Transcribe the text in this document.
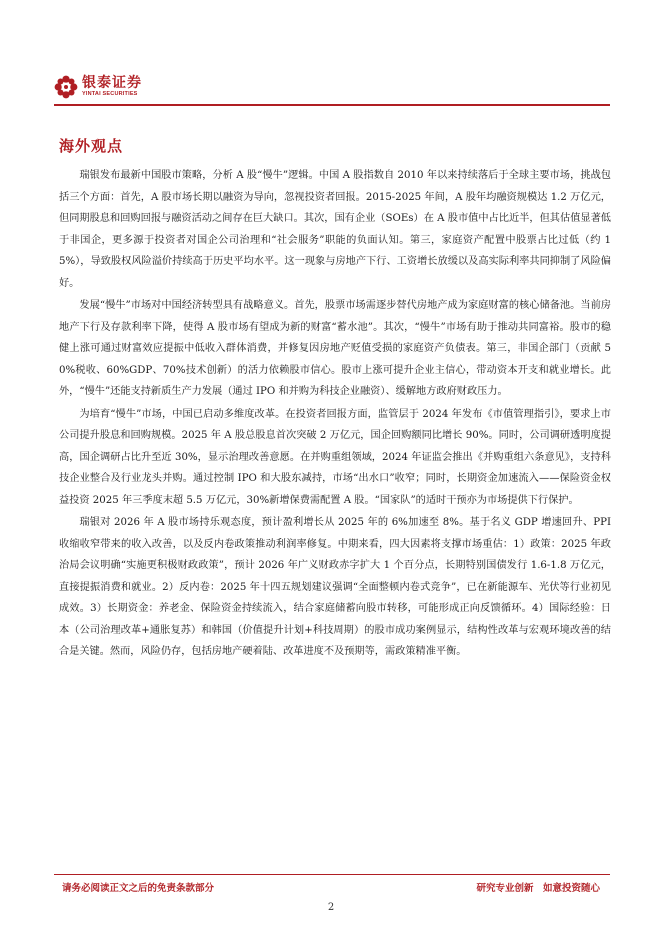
银泰证券
YINTAI SECURITIES
海外观点

瑞银发布最新中国股市策略，分析 A 股“慢牛”逻辑。中国 A 股指数自 2010 年以来持续落后于全球主要市场，挑战包括三个方面：首先，A 股市场长期以融资为导向，忽视投资者回报。2015-2025 年间，A 股年均融资规模达 1.2 万亿元，但同期股息和回购回报与融资活动之间存在巨大缺口。其次，国有企业（SOEs）在 A 股市值中占比近半，但其估值显著低于非国企，更多源于投资者对国企公司治理和“社会服务”职能的负面认知。第三，家庭资产配置中股票占比过低（约 15%），导致股权风险溢价持续高于历史平均水平。这一现象与房地产下行、工资增长放缓以及高实际利率共同抑制了风险偏好。

发展“慢牛”市场对中国经济转型具有战略意义。首先，股票市场需逐步替代房地产成为家庭财富的核心储备池。当前房地产下行及存款利率下降，使得 A 股市场有望成为新的财富“蓄水池”。其次，“慢牛”市场有助于推动共同富裕。股市的稳健上涨可通过财富效应提振中低收入群体消费，并修复因房地产贬值受损的家庭资产负债表。第三，非国企部门（贡献 50%税收、60%GDP、70%技术创新）的活力依赖股市信心。股市上涨可提升企业主信心，带动资本开支和就业增长。此外，“慢牛”还能支持新质生产力发展（通过 IPO 和并购为科技企业融资）、缓解地方政府财政压力。

为培育“慢牛”市场，中国已启动多维度改革。在投资者回报方面，监管层于 2024 年发布《市值管理指引》，要求上市公司提升股息和回购规模。2025 年 A 股总股息首次突破 2 万亿元，国企回购额同比增长 90%。同时，公司调研透明度提高，国企调研占比升至近 30%，显示治理改善意愿。在并购重组领域，2024 年证监会推出《并购重组六条意见》，支持科技企业整合及行业龙头并购。通过控制 IPO 和大股东减持，市场“出水口”收窄；同时，长期资金加速流入——保险资金权益投资 2025 年三季度末超 5.5 万亿元，30%新增保费需配置 A 股。“国家队”的适时干预亦为市场提供下行保护。

瑞银对 2026 年 A 股市场持乐观态度，预计盈利增长从 2025 年的 6%加速至 8%。基于名义 GDP 增速回升、PPI 收缩收窄带来的收入改善，以及反内卷政策推动利润率修复。中期来看，四大因素将支撑市场重估：1）政策：2025 年政治局会议明确“实施更积极财政政策”，预计 2026 年广义财政赤字扩大 1 个百分点，长期特别国债发行 1.6-1.8 万亿元，直接提振消费和就业。2）反内卷：2025 年十四五规划建议强调“全面整顿内卷式竞争”，已在新能源车、光伏等行业初见成效。3）长期资金：养老金、保险资金持续流入，结合家庭储蓄向股市转移，可能形成正向反馈循环。4）国际经验：日本（公司治理改革+通胀复苏）和韩国（价值提升计划+科技周期）的股市成功案例显示，结构性改革与宏观环境改善的结合是关键。然而，风险仍存，包括房地产硬着陆、改革进度不及预期等，需政策精准平衡。

请务必阅读正文之后的免责条款部分	研究专业创新　如意投资随心
2
